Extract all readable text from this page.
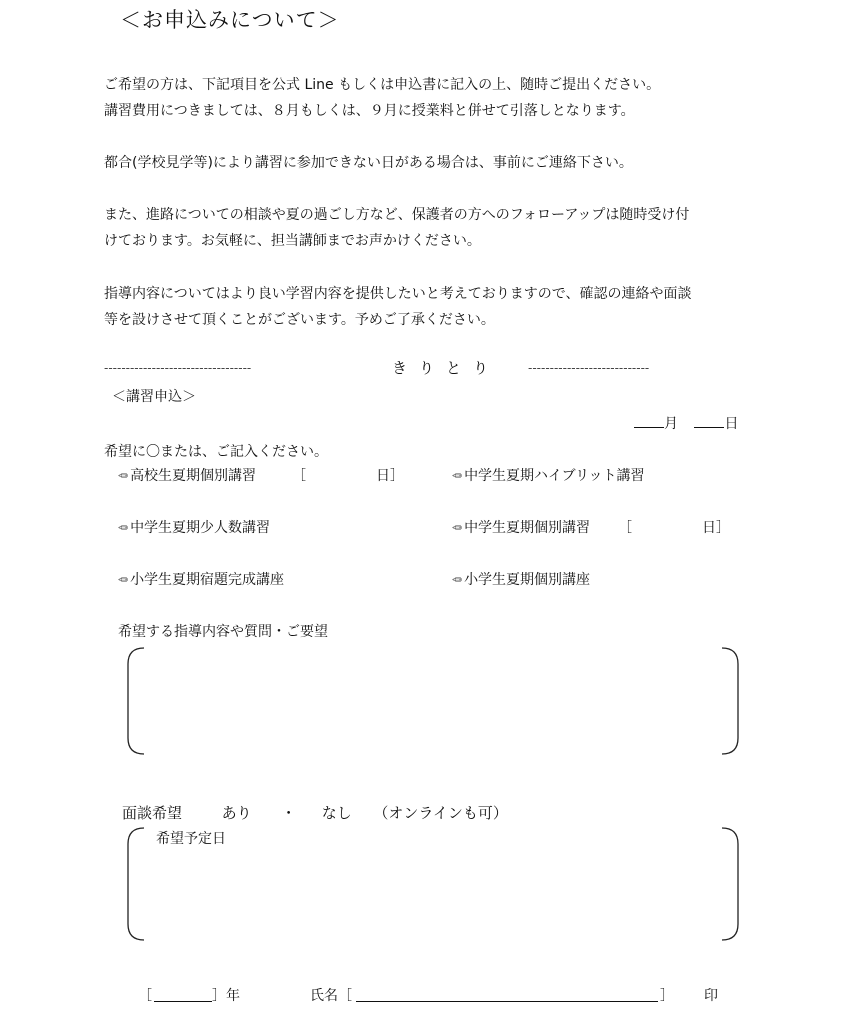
＜お申込みについて＞
ご希望の方は、下記項目を公式 Line もしくは申込書に記入の上、随時ご提出ください。
講習費用につきましては、８月もしくは、９月に授業料と併せて引落しとなります。
都合(学校見学等)により講習に参加できない日がある場合は、事前にご連絡下さい。
また、進路についての相談や夏の過ごし方など、保護者の方へのフォローアップは随時受け付
けております。お気軽に、担当講師までお声かけください。
指導内容についてはより良い学習内容を提供したいと考えておりますので、確認の連絡や面談
等を設けさせて頂くことがございます。予めご了承ください。
----------------------------------	きりとり ----------------------------
＜講習申込＞
月	日
希望に〇または、ご記入ください。
✏ 高校生夏期個別講習	［	日］	✏ 中学生夏期ハイブリット講習
✏ 中学生夏期少人数講習	✏ 中学生夏期個別講習 ［	日］
✏ 小学生夏期宿題完成講座	✏ 小学生夏期個別講座
希望する指導内容や質問・ご要望
面談希望	あり ・ なし （オンラインも可）
希望予定日
［	］年	氏名［	］ 印
